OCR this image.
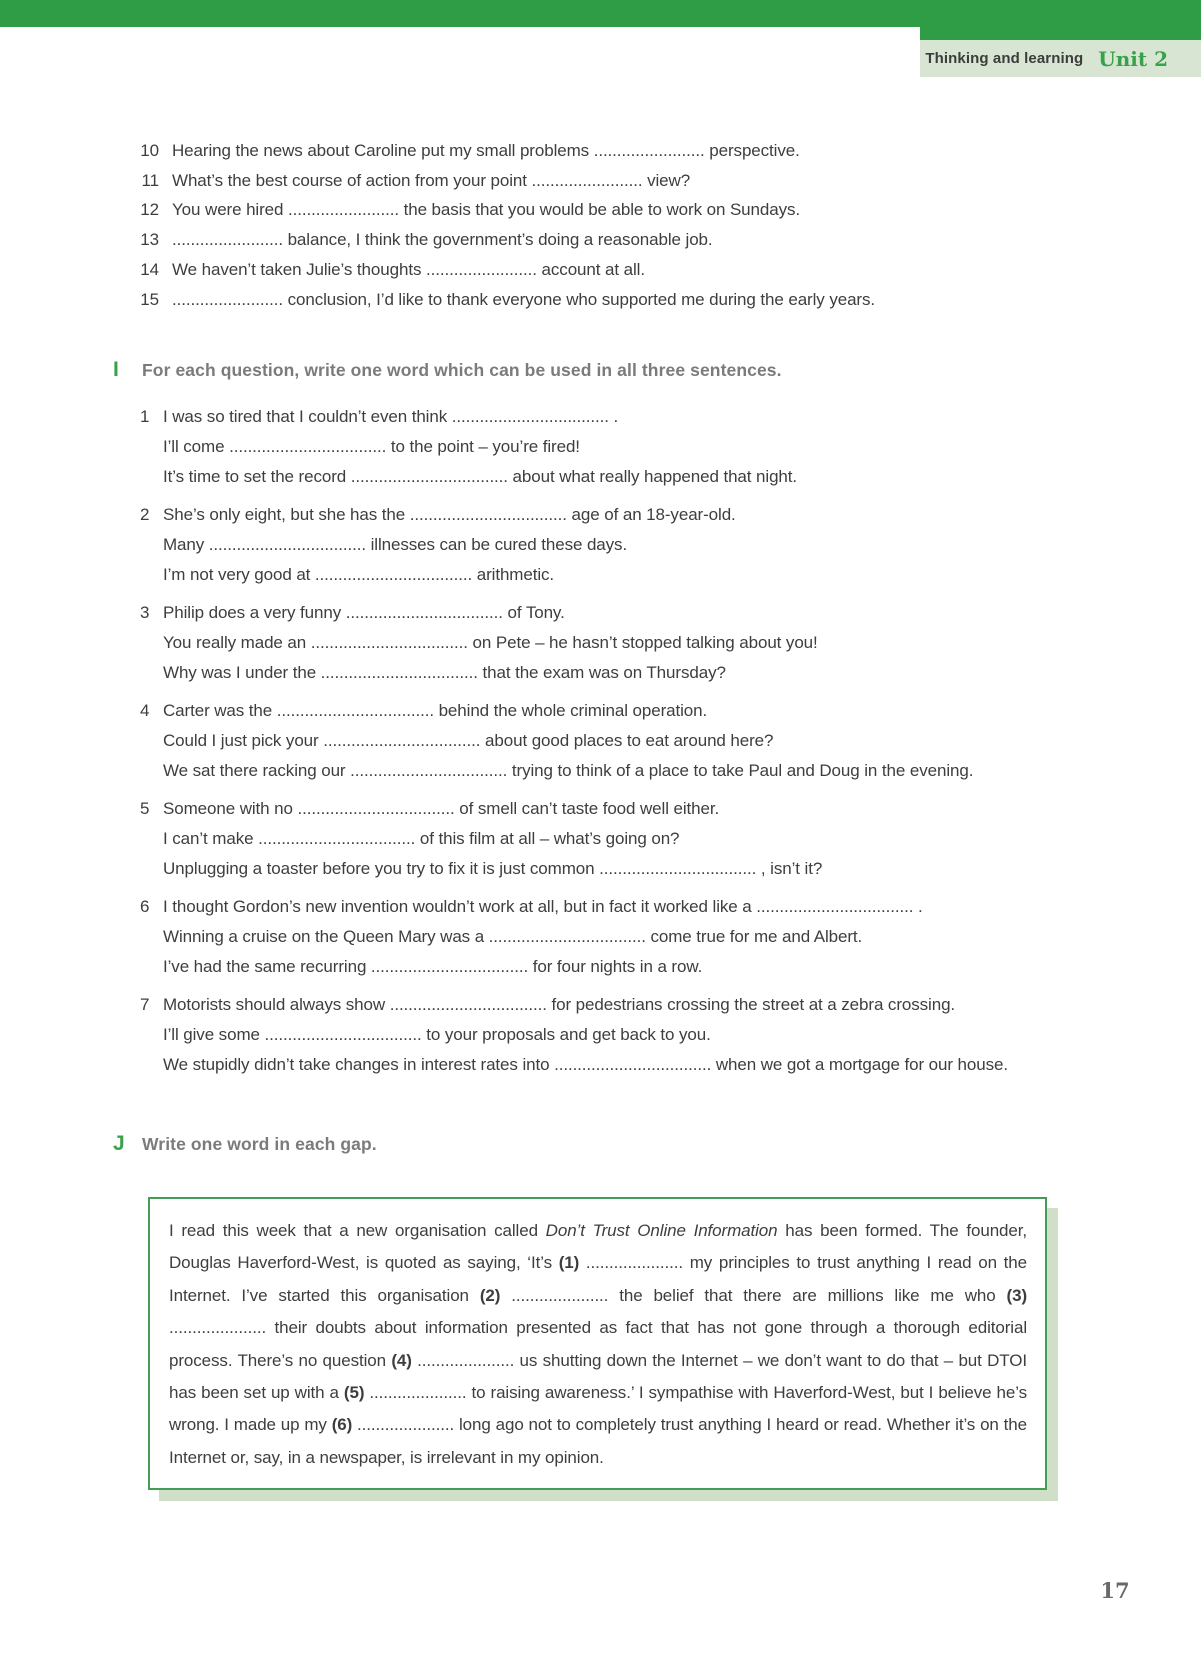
Thinking and learning Unit 2
10 Hearing the news about Caroline put my small problems ........................ perspective.
11 What’s the best course of action from your point ........................ view?
12 You were hired ........................ the basis that you would be able to work on Sundays.
13 ........................ balance, I think the government’s doing a reasonable job.
14 We haven’t taken Julie’s thoughts ........................ account at all.
15 ........................ conclusion, I’d like to thank everyone who supported me during the early years.
I	For each question, write one word which can be used in all three sentences.
1 I was so tired that I couldn’t even think .................................. .
I’ll come .................................. to the point – you’re fired!
It’s time to set the record .................................. about what really happened that night.
2 She’s only eight, but she has the .................................. age of an 18-year-old.
Many .................................. illnesses can be cured these days.
I’m not very good at .................................. arithmetic.
3 Philip does a very funny .................................. of Tony.
You really made an .................................. on Pete – he hasn’t stopped talking about you!
Why was I under the .................................. that the exam was on Thursday?
4 Carter was the .................................. behind the whole criminal operation.
Could I just pick your .................................. about good places to eat around here?
We sat there racking our .................................. trying to think of a place to take Paul and Doug in the evening.
5 Someone with no .................................. of smell can’t taste food well either.
I can’t make .................................. of this film at all – what’s going on?
Unplugging a toaster before you try to fix it is just common .................................. , isn’t it?
6 I thought Gordon’s new invention wouldn’t work at all, but in fact it worked like a .................................. .
Winning a cruise on the Queen Mary was a .................................. come true for me and Albert.
I’ve had the same recurring .................................. for four nights in a row.
7 Motorists should always show .................................. for pedestrians crossing the street at a zebra crossing.
I’ll give some .................................. to your proposals and get back to you.
We stupidly didn’t take changes in interest rates into .................................. when we got a mortgage for our house.
J Write one word in each gap.

I read this week that a new organisation called Don’t Trust Online Information has been formed. The founder, Douglas Haverford-West, is quoted as saying, ‘It’s (1) ..................... my principles to trust anything I read on the Internet. I’ve started this organisation (2) ..................... the belief that there are millions like me who (3) ..................... their doubts about information presented as fact that has not gone through a thorough editorial process. There’s no question (4) ..................... us shutting down the Internet – we don’t want to do that – but DTOI has been set up with a (5) ..................... to raising awareness.’ I sympathise with Haverford-West, but I believe he’s wrong. I made up my (6) ..................... long ago not to completely trust anything I heard or read. Whether it’s on the Internet or, say, in a newspaper, is irrelevant in my opinion.

17
